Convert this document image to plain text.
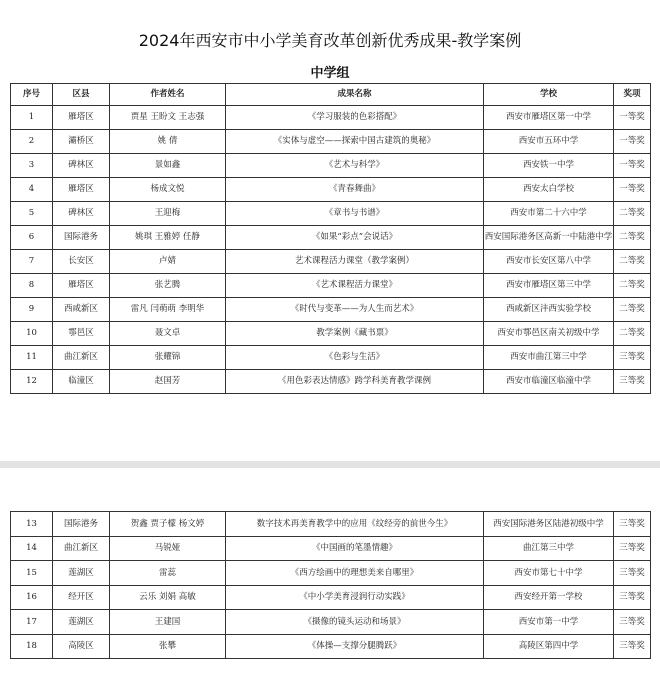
2024年西安市中小学美育改革创新优秀成果-教学案例
中学组
序号	区县	作者姓名	成果名称	学校	奖项
1	雁塔区	贾星 王盼文 王志强	《学习服装的色彩搭配》	西安市雁塔区第一中学	一等奖
2	灞桥区	姚 倩	《实体与虚空——探索中国古建筑的奥秘》	西安市五环中学	一等奖
3	碑林区	景如鑫	《艺术与科学》	西安铁一中学	一等奖
4	雁塔区	杨成文悦	《青春舞曲》	西安太白学校	一等奖
5	碑林区	王迎梅	《章书与书谱》	西安市第二十六中学	二等奖
6	国际港务	姚琪 王雅婷 任静	《如果“彩点”会说话》	西安国际港务区高新一中陆港中学	二等奖
7	长安区	卢婧	艺术课程活力课堂（教学案例）	西安市长安区第八中学	二等奖
8	雁塔区	张艺腾	《艺术课程活力课堂》	西安市雁塔区第三中学	二等奖
9	西咸新区	雷凡 闫萌萌 李明华	《时代与变革——为人生而艺术》	西咸新区沣西实验学校	二等奖
10	鄠邑区	聂文卓	教学案例《藏书票》	西安市鄠邑区南关初级中学	二等奖
11	曲江新区	张耀锦	《色彩与生活》	西安市曲江第三中学	三等奖
12	临潼区	赵国芳	《用色彩表达情感》跨学科美育教学课例	西安市临潼区临潼中学	三等奖
13	国际港务	贺鑫 贾子檬 杨文婷	数字技术再美育教学中的应用《纹经旁的前世今生》	西安国际港务区陆港初级中学	三等奖
14	曲江新区	马锐娅	《中国画的笔墨情趣》	曲江第三中学	三等奖
15	莲湖区	雷蕊	《西方绘画中的理想美来自哪里》	西安市第七十中学	三等奖
16	经开区	云乐 刘娟 高敏	《中小学美育浸润行动实践》	西安经开第一学校	三等奖
17	莲湖区	王建国	《摄像的镜头运动和场景》	西安市第一中学	三等奖
18	高陵区	张攀	《体操—支撑分腿腾跃》	高陵区第四中学	三等奖
